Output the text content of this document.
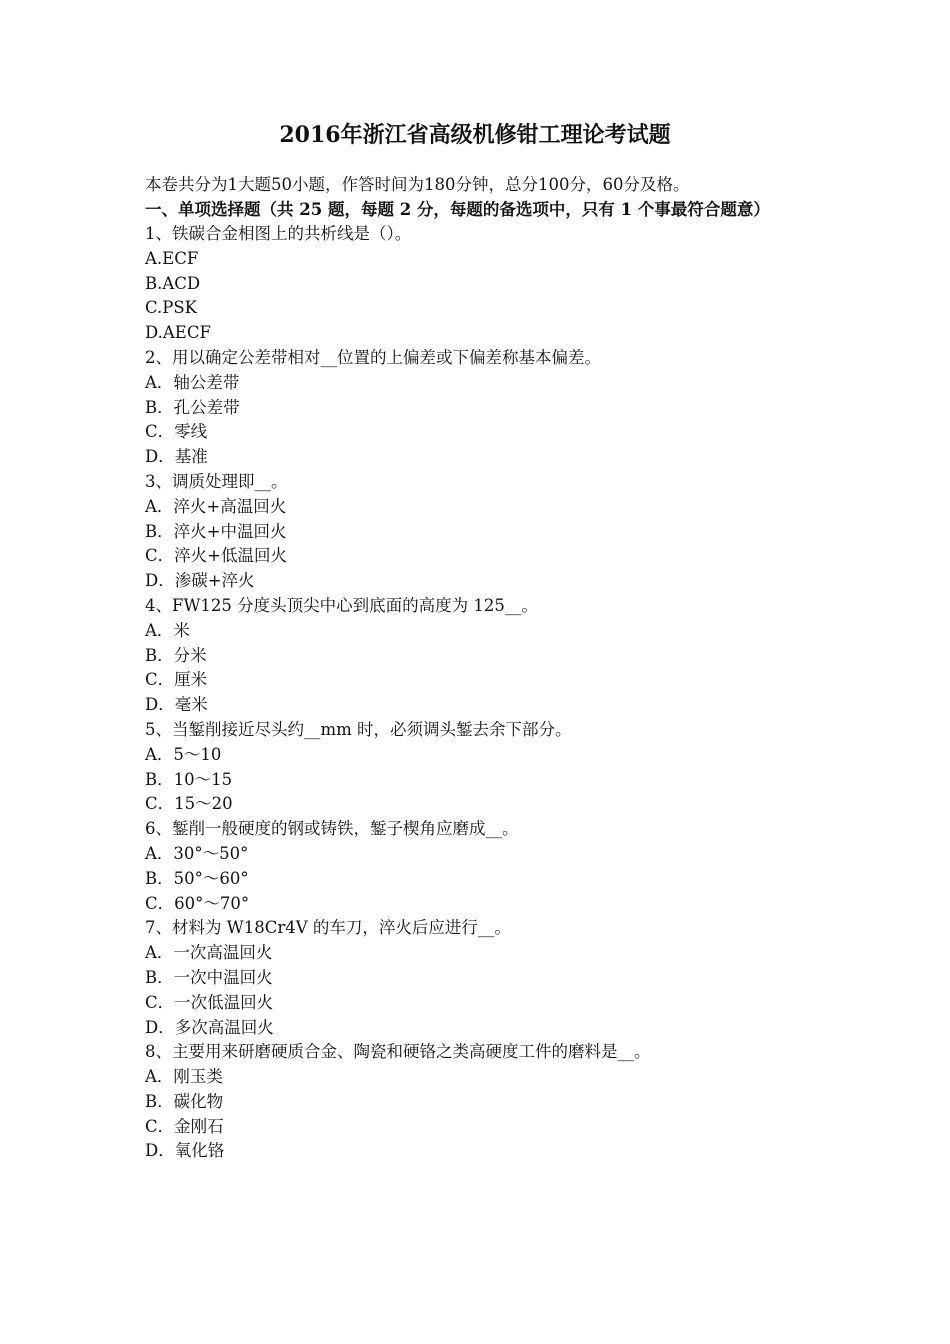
2016年浙江省高级机修钳工理论考试题
本卷共分为1大题50小题，作答时间为180分钟，总分100分，60分及格。
一、单项选择题（共 25 题，每题 2 分，每题的备选项中，只有 1 个事最符合题意）
1、铁碳合金相图上的共析线是（）。
A.ECF
B.ACD
C.PSK
D.AECF
2、用以确定公差带相对__位置的上偏差或下偏差称基本偏差。
A．轴公差带
B．孔公差带
C．零线
D．基准
3、调质处理即__。
A．淬火+高温回火
B．淬火+中温回火
C．淬火+低温回火
D．渗碳+淬火
4、FW125 分度头顶尖中心到底面的高度为 125__。
A．米
B．分米
C．厘米
D．毫米
5、当錾削接近尽头约__mm 时，必须调头錾去余下部分。
A．5～10
B．10～15
C．15～20
6、錾削一般硬度的钢或铸铁，錾子楔角应磨成__。
A．30°～50°
B．50°～60°
C．60°～70°
7、材料为 W18Cr4V 的车刀，淬火后应进行__。
A．一次高温回火
B．一次中温回火
C．一次低温回火
D．多次高温回火
8、主要用来研磨硬质合金、陶瓷和硬铬之类高硬度工件的磨料是__。
A．刚玉类
B．碳化物
C．金刚石
D．氧化铬
